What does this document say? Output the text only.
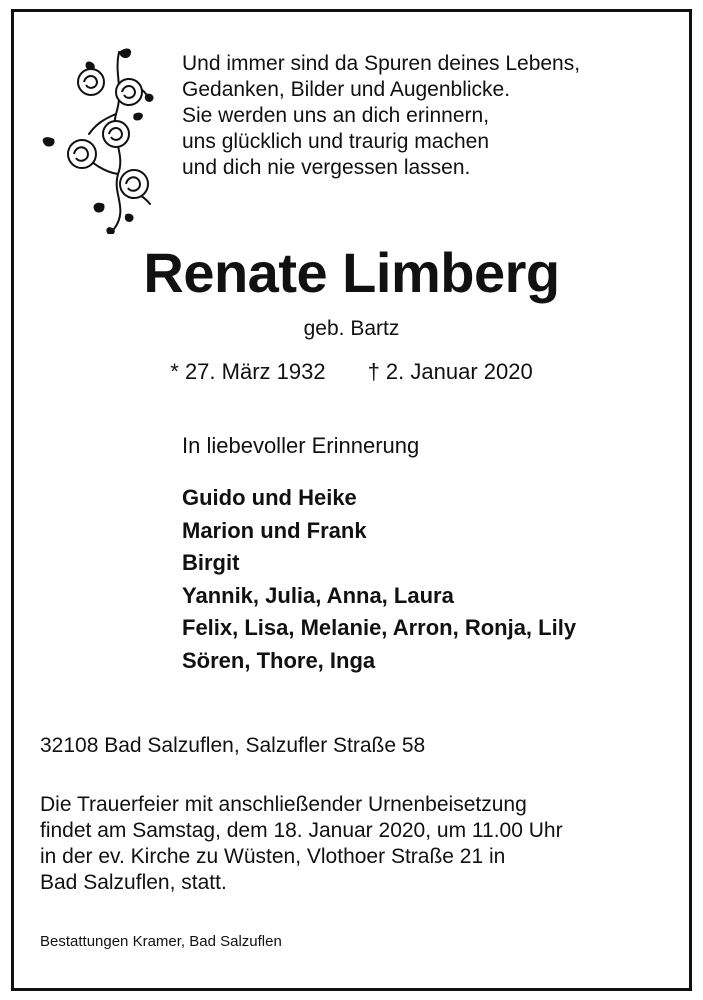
Und immer sind da Spuren deines Lebens,
Gedanken, Bilder und Augenblicke.
Sie werden uns an dich erinnern,
uns glücklich und traurig machen
und dich nie vergessen lassen.
Renate Limberg
geb. Bartz
* 27. März 1932 † 2. Januar 2020
In liebevoller Erinnerung
Guido und Heike
Marion und Frank
Birgit
Yannik, Julia, Anna, Laura
Felix, Lisa, Melanie, Arron, Ronja, Lily
Sören, Thore, Inga
32108 Bad Salzuflen, Salzufler Straße 58
Die Trauerfeier mit anschließender Urnenbeisetzung
findet am Samstag, dem 18. Januar 2020, um 11.00 Uhr
in der ev. Kirche zu Wüsten, Vlothoer Straße 21 in
Bad Salzuflen, statt.
Bestattungen Kramer, Bad Salzuflen
